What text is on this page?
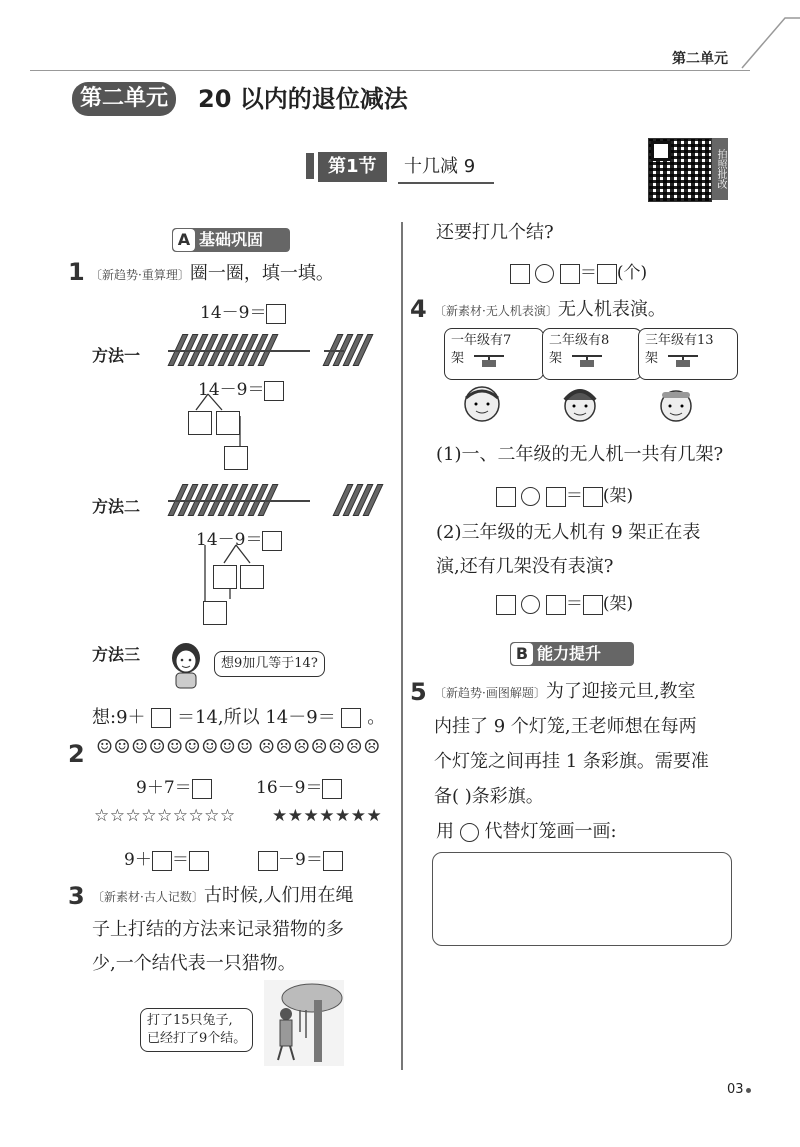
第二单元
第二单元	20 以内的退位减法
第1节	十几减 9	拍照批改
A 基础巩固
1 〔新趋势·重算理〕圈一圈，填一填。
14－9＝
方法一
14－9＝
方法二
14－9＝
方法三	想9加几等于14?
想:9＋ ＝14,所以 14－9＝ 。
2 ☺☺☺☺☺☺☺☺☺ ☹☹☹☹☹☹☹
9＋7＝	16－9＝
☆☆☆☆☆☆☆☆☆ ★★★★★★★
9＋ ＝	－9＝
3 〔新素材·古人记数〕古时候,人们用在绳
子上打结的方法来记录猎物的多
少,一个结代表一只猎物。
打了15只兔子,
已经打了9个结。
还要打几个结?
＝ (个)
4 〔新素材·无人机表演〕无人机表演。
一年级有7
架
二年级有8
架
三年级有13
架
(1)一、二年级的无人机一共有几架?
＝ (架)
(2)三年级的无人机有 9 架正在表
演,还有几架没有表演?
＝ (架)
B 能力提升
5 〔新趋势·画图解题〕为了迎接元旦,教室
内挂了 9 个灯笼,王老师想在每两
个灯笼之间再挂 1 条彩旗。需要准
备( )条彩旗。
用 代替灯笼画一画:
03
